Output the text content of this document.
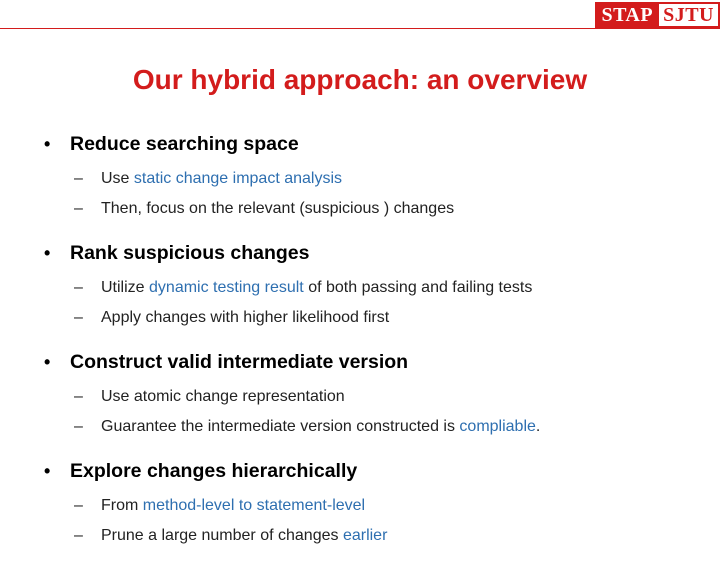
STAP SJTU
Our hybrid approach: an overview
•	Reduce searching space
–	Use static change impact analysis
–	Then, focus on the relevant (suspicious ) changes
•	Rank suspicious changes
–	Utilize dynamic testing result of both passing and failing tests
–	Apply changes with higher likelihood first
•	Construct valid intermediate version
–	Use atomic change representation
–	Guarantee the intermediate version constructed is compliable.
•	Explore changes hierarchically
–	From method-level to statement-level
–	Prune a large number of changes earlier
